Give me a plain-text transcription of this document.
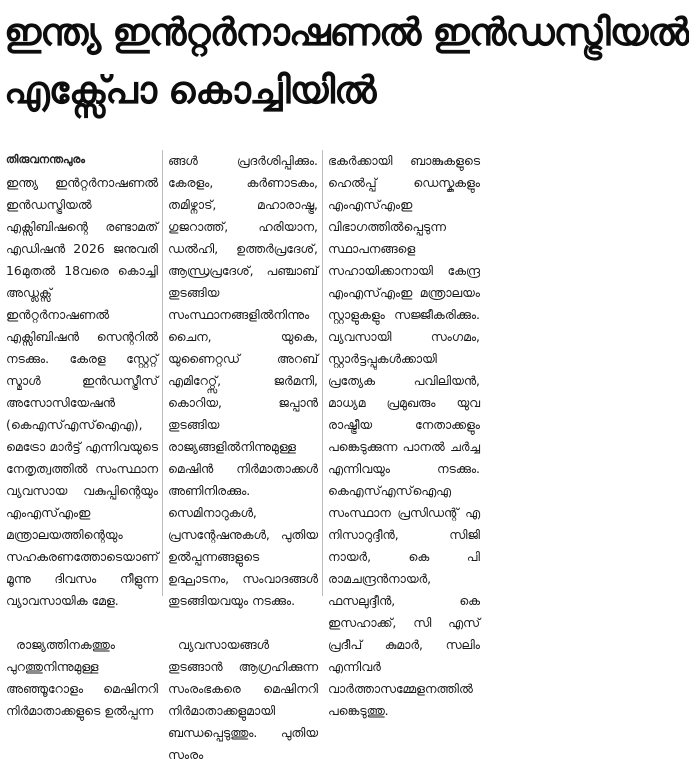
ഇന്ത്യ ഇൻറ്റർനാഷണൽ ഇൻഡസ്ട്രിയൽ
എക്സ്പോ കൊച്ചിയിൽ
തിരുവനന്തപുരം

ഇന്ത്യ ഇൻറ്റർനാഷണൽ ഇൻഡസ്ട്രിയൽ എക്സിബിഷന്റെ രണ്ടാമത് എഡിഷൻ 2026 ജനുവരി 16മുതൽ 18വരെ കൊച്ചി അഡ്ലക്സ് ഇൻറ്റർനാഷണൽ എക്സിബിഷൻ സെന്ററിൽ നടക്കും. കേരള സ്റ്റേറ്റ് സ്മാൾ ഇൻഡസ്ട്രീസ് അസോസിയേഷൻ (കെഎസ്എസ്ഐഎ), മെട്രോ മാർട്ട് എന്നിവയുടെ നേതൃത്വത്തിൽ സംസ്ഥാന വ്യവസായ വകുപ്പിന്റെയും എംഎസ്എംഇ മന്ത്രാലയത്തിന്റെയും സഹകരണത്തോടെയാണ് മൂന്നു ദിവസം നീളുന്ന വ്യാവസായിക മേള.

രാജ്യത്തിനകത്തും പുറത്തുനിന്നുമുള്ള അഞ്ഞൂറോളം മെഷിനറി നിർമാതാക്കളുടെ ഉൽപ്പന്ന

ങ്ങൾ പ്രദർശിപ്പിക്കും. കേരളം, കർണാടകം, തമിഴ്നാട്, മഹാരാഷ്ട്ര, ഗുജറാത്ത്, ഹരിയാന, ഡൽഹി, ഉത്തർപ്രദേശ്, ആന്ധ്രപ്രദേശ്, പഞ്ചാബ് തുടങ്ങിയ സംസ്ഥാനങ്ങളിൽനിന്നും ചൈന, യുകെ, യുണൈറ്റഡ് അറബ് എമിറേറ്റ്സ്, ജർമനി, കൊറിയ, ജപ്പാൻ തുടങ്ങിയ രാജ്യങ്ങളിൽനിന്നുമുള്ള മെഷിൻ നിർമാതാക്കൾ അണിനിരക്കും. സെമിനാറുകൾ, പ്രസന്റേഷനുകൾ, പുതിയ ഉൽപ്പന്നങ്ങളുടെ ഉദ്ഘാടനം, സംവാദങ്ങൾ തുടങ്ങിയവയും നടക്കും.

വ്യവസായങ്ങൾ തുടങ്ങാൻ ആഗ്രഹിക്കുന്ന സംരംഭകരെ മെഷിനറി നിർമാതാക്കളുമായി ബന്ധപ്പെടുത്തും. പുതിയ സംരം

ഭകർക്കായി ബാങ്കുകളുടെ ഹെൽപ്പ് ഡെസ്കുകളും എംഎസ്എംഇ വിഭാഗത്തിൽപ്പെടുന്ന സ്ഥാപനങ്ങളെ സഹായിക്കാനായി കേന്ദ്ര എംഎസ്എംഇ മന്ത്രാലയം സ്റ്റാളുകളും സജ്ജീകരിക്കും. വ്യവസായി സംഗമം, സ്റ്റാർട്ടപ്പുകൾക്കായി പ്രത്യേക പവിലിയൻ, മാധ്യമ പ്രമുഖരും യുവ രാഷ്ട്രീയ നേതാക്കളും പങ്കെടുക്കുന്ന പാനൽ ചർച്ച എന്നിവയും നടക്കും. കെഎസ്എസ്ഐഎ സംസ്ഥാന പ്രസിഡന്റ് എ നിസാറുദ്ദീൻ, സിജി നായർ, കെ പി രാമചന്ദ്രൻനായർ, ഫസലുദ്ദീൻ, കെ ഇസഹാക്ക്, സി എസ് പ്രദീപ് കുമാർ, സലിം എന്നിവർ വാർത്താസമ്മേളനത്തിൽ പങ്കെടുത്തു.
